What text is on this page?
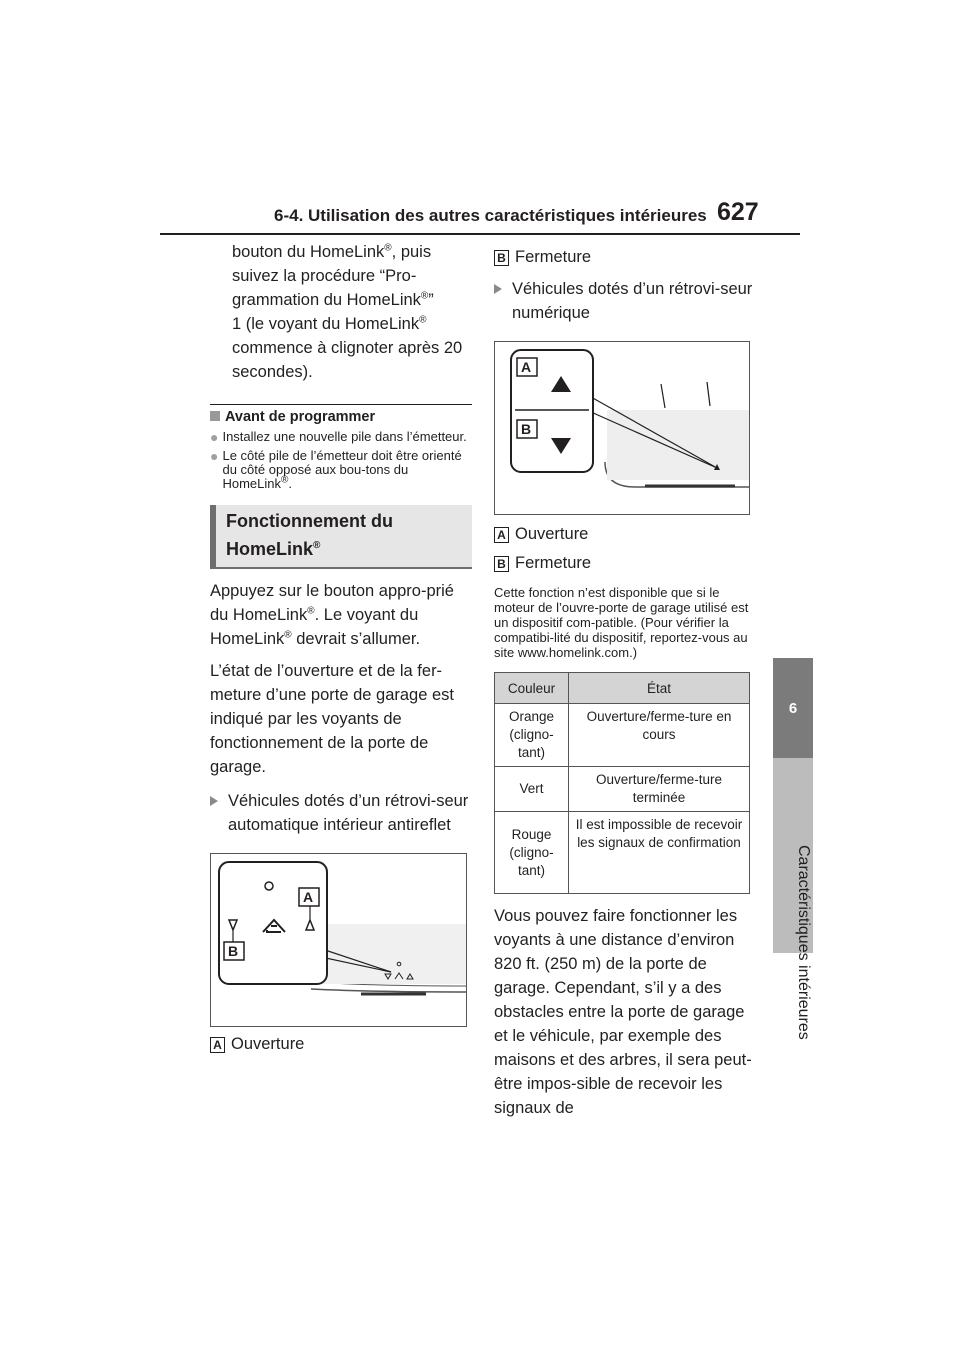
6-4. Utilisation des autres caractéristiques intérieures 627
6
Caractéristiques intérieures
bouton du HomeLink®, puis suivez la procédure “Pro-grammation du HomeLink®”
1 (le voyant du HomeLink® commence à clignoter après 20 secondes).
Avant de programmer
● Installez une nouvelle pile dans l’émetteur.
● Le côté pile de l’émetteur doit être orienté du côté opposé aux bou-tons du HomeLink®.
Fonctionnement du
HomeLink®
Appuyez sur le bouton appro-prié du HomeLink®. Le voyant du HomeLink® devrait s’allumer.
L’état de l’ouverture et de la fer-meture d’une porte de garage est indiqué par les voyants de fonctionnement de la porte de garage.
Véhicules dotés d’un rétrovi-seur automatique intérieur antireflet
A
B
A Ouverture
B Fermeture
Véhicules dotés d’un rétrovi-seur numérique
A
B
A Ouverture
B Fermeture
Cette fonction n’est disponible que si le moteur de l’ouvre-porte de garage utilisé est un dispositif com-patible. (Pour vérifier la compatibi-lité du dispositif, reportez-vous au site www.homelink.com.)
Couleur	État
Orange (cligno-tant)	Ouverture/ferme-ture en cours
Vert	Ouverture/ferme-ture terminée
Rouge (cligno-tant)	Il est impossible de recevoir les signaux de confirmation
Vous pouvez faire fonctionner les voyants à une distance d’environ 820 ft. (250 m) de la porte de garage. Cependant, s’il y a des obstacles entre la porte de garage et le véhicule, par exemple des maisons et des arbres, il sera peut-être impos-sible de recevoir les signaux de
